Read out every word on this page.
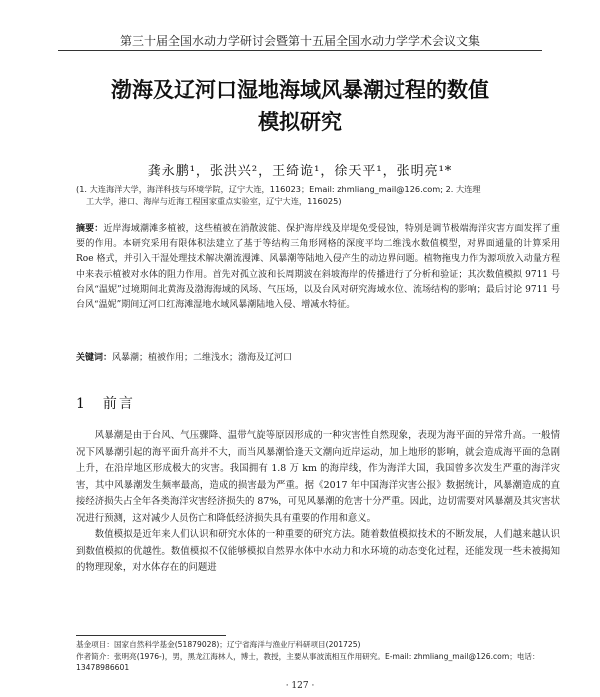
第三十届全国水动力学研讨会暨第十五届全国水动力学学术会议文集
渤海及辽河口湿地海域风暴潮过程的数值
模拟研究
龚永鹏¹，张洪兴²，王绮诡¹，徐天平¹，张明亮¹*
(1. 大连海洋大学，海洋科技与环境学院，辽宁大连，116023；Email: zhmliang_mail@126.com; 2. 大连理
工大学，港口、海岸与近海工程国家重点实验室，辽宁大连，116025)
摘要：近岸海域潮滩多植被，这些植被在消散波能、保护海岸线及岸堤免受侵蚀，特别是调节极端海洋灾害方面发挥了重要的作用。本研究采用有限体积法建立了基于等结构三角形网格的深度平均二维浅水数值模型，对界面通量的计算采用 Roe 格式，并引入干湿处理技术解决潮流漫滩、风暴潮等陆地入侵产生的动边界问题。植物拖曳力作为源项放入动量方程中来表示植被对水体的阻力作用。首先对孤立波和长周期波在斜坡海岸的传播进行了分析和验证；其次数值模拟 9711 号台风“温妮”过境期间北黄海及渤海海域的风场、气压场，以及台风对研究海域水位、流场结构的影响；最后讨论 9711 号台风“温妮”期间辽河口红海滩湿地水域风暴潮陆地入侵、增减水特征。
关键词：风暴潮；植被作用；二维浅水；渤海及辽河口
1　前言

风暴潮是由于台风、气压骤降、温带气旋等原因形成的一种灾害性自然现象，表现为海平面的异常升高。一般情况下风暴潮引起的海平面升高并不大，而当风暴潮恰逢天文潮向近岸运动，加上地形的影响，就会造成海平面的急剧上升，在沿岸地区形成极大的灾害。我国拥有 1.8 万 km 的海岸线，作为海洋大国，我国曾多次发生严重的海洋灾害，其中风暴潮发生频率最高，造成的损害最为严重。据《2017 年中国海洋灾害公报》数据统计，风暴潮造成的直接经济损失占全年各类海洋灾害经济损失的 87%，可见风暴潮的危害十分严重。因此，边切需要对风暴潮及其灾害状况进行预测，这对减少人员伤亡和降低经济损失具有重要的作用和意义。

数值模拟是近年来人们认识和研究水体的一种重要的研究方法。随着数值模拟技术的不断发展，人们越来越认识到数值模拟的优越性。数值模拟不仅能够模拟自然界水体中水动力和水环境的动态变化过程，还能发现一些未被揭知的物理现象，对水体存在的问题进

基金项目：国家自然科学基金(51879028)；辽宁省海洋与渔业厅科研项目(201725)
作者简介：张明亮(1976-)，男，黑龙江海林人，博士，教授，主要从事波流相互作用研究。E-mail: zhmliang_mail@126.com；电话：13478986601
· 127 ·
